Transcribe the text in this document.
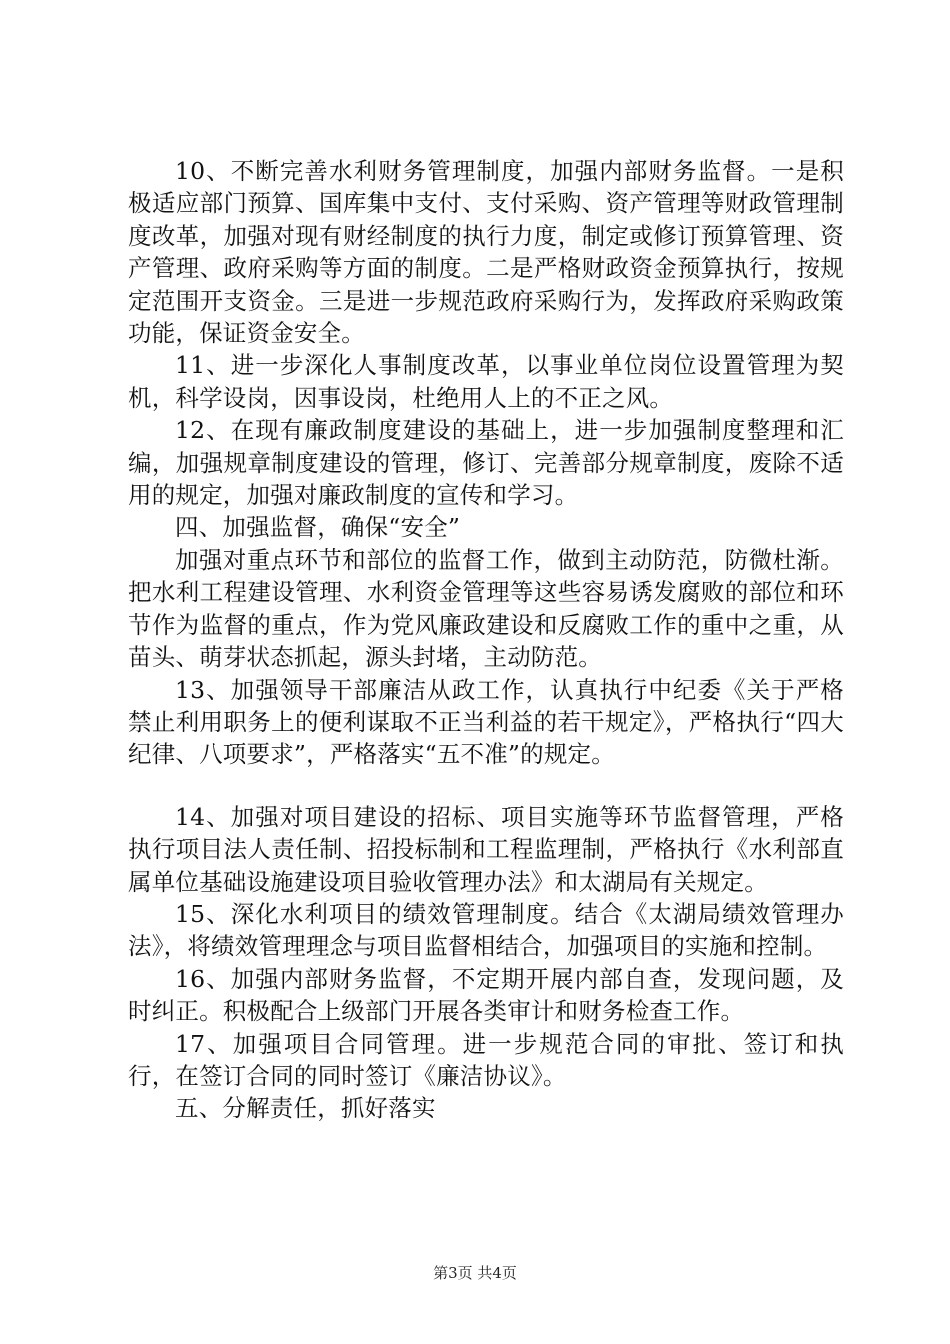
10、不断完善水利财务管理制度，加强内部财务监督。一是积极适应部门预算、国库集中支付、支付采购、资产管理等财政管理制度改革，加强对现有财经制度的执行力度，制定或修订预算管理、资产管理、政府采购等方面的制度。二是严格财政资金预算执行，按规定范围开支资金。三是进一步规范政府采购行为，发挥政府采购政策功能，保证资金安全。

11、进一步深化人事制度改革，以事业单位岗位设置管理为契机，科学设岗，因事设岗，杜绝用人上的不正之风。

12、在现有廉政制度建设的基础上，进一步加强制度整理和汇编，加强规章制度建设的管理，修订、完善部分规章制度，废除不适用的规定，加强对廉政制度的宣传和学习。

四、加强监督，确保“安全”

加强对重点环节和部位的监督工作，做到主动防范，防微杜渐。把水利工程建设管理、水利资金管理等这些容易诱发腐败的部位和环节作为监督的重点，作为党风廉政建设和反腐败工作的重中之重，从苗头、萌芽状态抓起，源头封堵，主动防范。

13、加强领导干部廉洁从政工作，认真执行中纪委《关于严格禁止利用职务上的便利谋取不正当利益的若干规定》，严格执行“四大纪律、八项要求”，严格落实“五不准”的规定。

14、加强对项目建设的招标、项目实施等环节监督管理，严格执行项目法人责任制、招投标制和工程监理制，严格执行《水利部直属单位基础设施建设项目验收管理办法》和太湖局有关规定。

15、深化水利项目的绩效管理制度。结合《太湖局绩效管理办法》，将绩效管理理念与项目监督相结合，加强项目的实施和控制。

16、加强内部财务监督，不定期开展内部自查，发现问题，及时纠正。积极配合上级部门开展各类审计和财务检查工作。

17、加强项目合同管理。进一步规范合同的审批、签订和执行，在签订合同的同时签订《廉洁协议》。

五、分解责任，抓好落实

第3页 共4页
